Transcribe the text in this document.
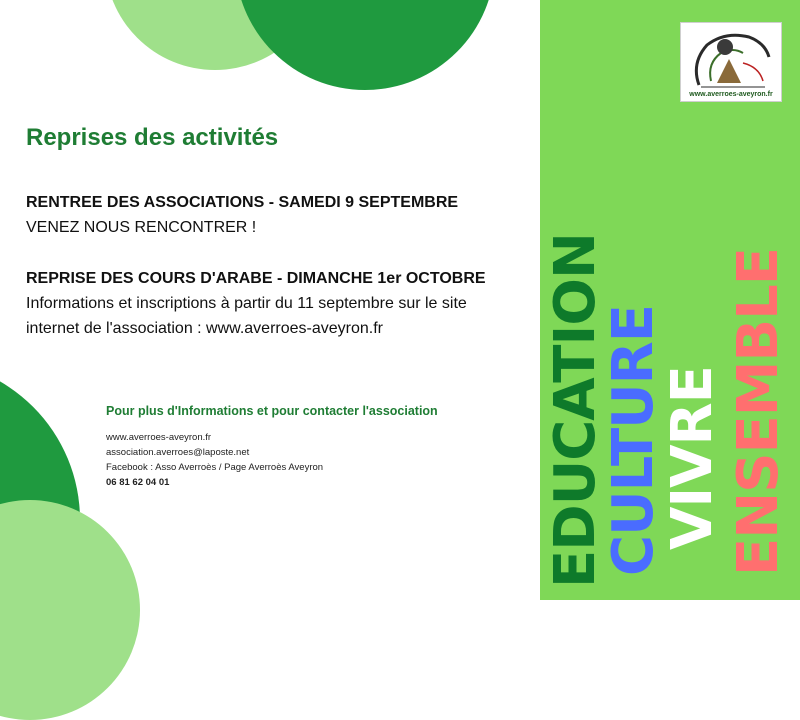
Reprises des activités
RENTREE DES ASSOCIATIONS - SAMEDI 9 SEPTEMBRE
VENEZ NOUS RENCONTRER !
REPRISE DES COURS D'ARABE - DIMANCHE 1er OCTOBRE
Informations et inscriptions à partir du 11 septembre sur le site
internet de l'association : www.averroes-aveyron.fr
Pour plus d'Informations et pour contacter l'association
www.averroes-aveyron.fr
association.averroes@laposte.net
Facebook : Asso Averroès / Page Averroès Aveyron
06 81 62 04 01
www.averroes-aveyron.fr
EDUCATION
CULTURE
VIVRE ENSEMBLE
